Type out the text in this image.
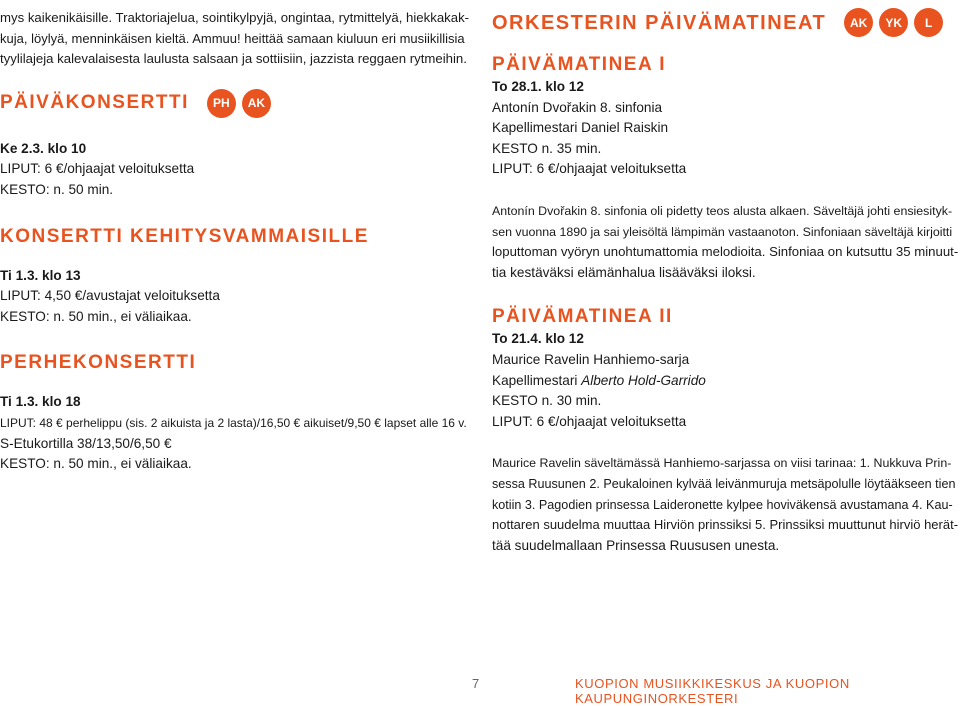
mys kaikenikäisille. Traktoriajelua, sointikylpyjä, ongintaa, rytmittelyä, hiekkakak-
kuja, löylyä, menninkäisen kieltä. Ammuu! heittää samaan kiuluun eri musiikillisia
tyylilajeja kalevalaisesta laulusta salsaan ja sottiisiin, jazzista reggaen rytmeihin.

PÄIVÄKONSERTTI	PH	AK
Ke 2.3. klo 10
LIPUT: 6 €/ohjaajat veloituksetta
KESTO: n. 50 min.
KONSERTTI KEHITYSVAMMAISILLE
Ti 1.3. klo 13
LIPUT: 4,50 €/avustajat veloituksetta
KESTO: n. 50 min., ei väliaikaa.
PERHEKONSERTTI
Ti 1.3. klo 18
LIPUT: 48 € perhelippu (sis. 2 aikuista ja 2 lasta)/16,50 € aikuiset/9,50 € lapset alle 16 v.
S-Etukortilla 38/13,50/6,50 €
KESTO: n. 50 min., ei väliaikaa.
ORKESTERIN PÄIVÄMATINEAT	AK	YK	L
PÄIVÄMATINEA I
To 28.1. klo 12
Antonín Dvořakin 8. sinfonia
Kapellimestari Daniel Raiskin
KESTO n. 35 min.
LIPUT: 6 €/ohjaajat veloituksetta

Antonín Dvořakin 8. sinfonia oli pidetty teos alusta alkaen. Säveltäjä johti ensiesityk-
sen vuonna 1890 ja sai yleisöltä lämpimän vastaanoton. Sinfoniaan säveltäjä kirjoitti
loputtoman vyöryn unohtumattomia melodioita. Sinfoniaa on kutsuttu 35 minuut-
tia kestäväksi elämänhalua lisääväksi iloksi.

PÄIVÄMATINEA II
To 21.4. klo 12
Maurice Ravelin Hanhiemo-sarja
Kapellimestari Alberto Hold-Garrido
KESTO n. 30 min.
LIPUT: 6 €/ohjaajat veloituksetta

Maurice Ravelin säveltämässä Hanhiemo-sarjassa on viisi tarinaa: 1. Nukkuva Prin-
sessa Ruusunen 2. Peukaloinen kylvää leivänmuruja metsäpolulle löytääkseen tien
kotiin 3. Pagodien prinsessa Laideronette kylpee hoviväkensä avustamana 4. Kau-
nottaren suudelma muuttaa Hirviön prinssiksi 5. Prinssiksi muuttunut hirviö herät-
tää suudelmallaan Prinsessa Ruususen unesta.

7	KUOPION MUSIIKKIKESKUS JA KUOPION KAUPUNGINORKESTERI
